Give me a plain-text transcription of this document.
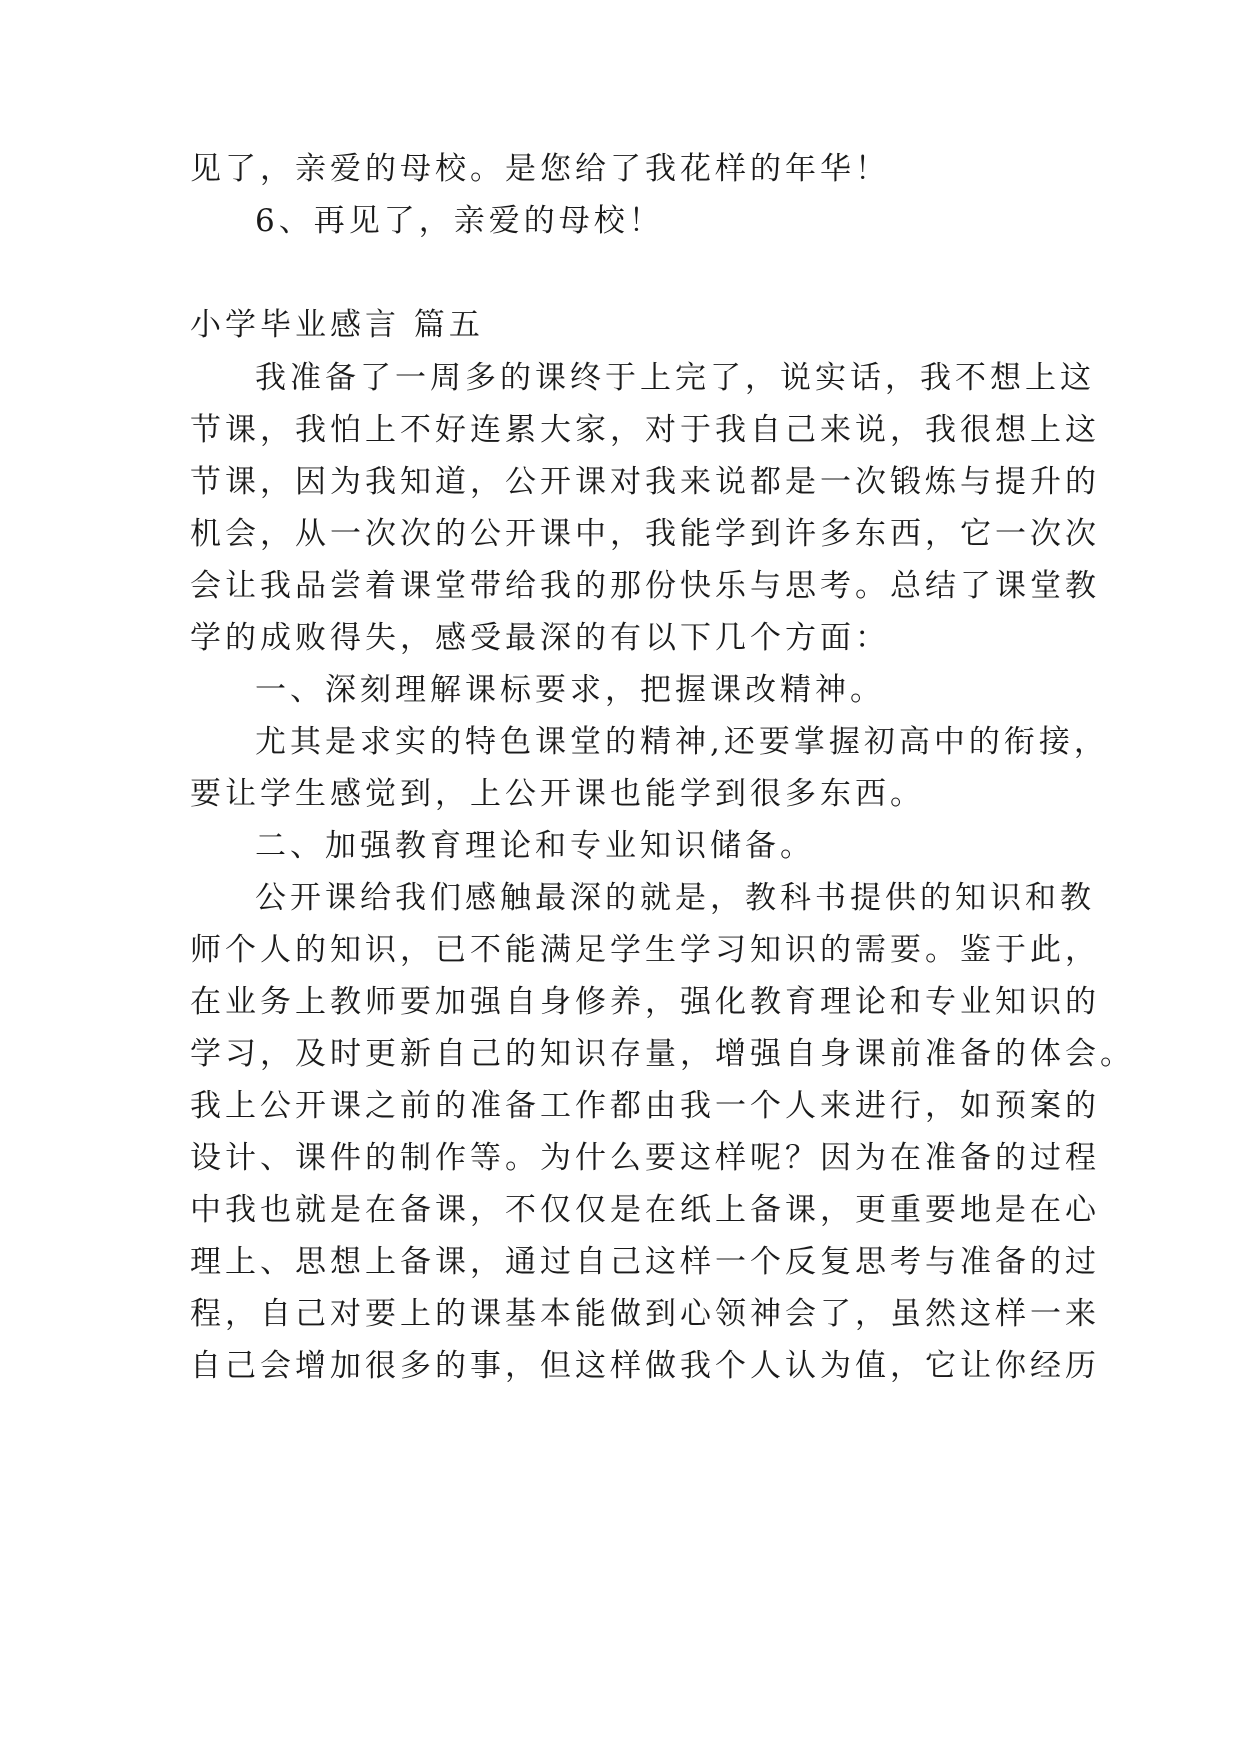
见了，亲爱的母校。是您给了我花样的年华！
6、再见了，亲爱的母校！
小学毕业感言 篇五
我准备了一周多的课终于上完了，说实话，我不想上这
节课，我怕上不好连累大家，对于我自己来说，我很想上这
节课，因为我知道，公开课对我来说都是一次锻炼与提升的
机会，从一次次的公开课中，我能学到许多东西，它一次次
会让我品尝着课堂带给我的那份快乐与思考。总结了课堂教
学的成败得失，感受最深的有以下几个方面：
一、深刻理解课标要求，把握课改精神。
尤其是求实的特色课堂的精神,还要掌握初高中的衔接，
要让学生感觉到，上公开课也能学到很多东西。
二、加强教育理论和专业知识储备。
公开课给我们感触最深的就是，教科书提供的知识和教
师个人的知识，已不能满足学生学习知识的需要。鉴于此，
在业务上教师要加强自身修养，强化教育理论和专业知识的
学习，及时更新自己的知识存量，增强自身课前准备的体会。
我上公开课之前的准备工作都由我一个人来进行，如预案的
设计、课件的制作等。为什么要这样呢？因为在准备的过程
中我也就是在备课，不仅仅是在纸上备课，更重要地是在心
理上、思想上备课，通过自己这样一个反复思考与准备的过
程，自己对要上的课基本能做到心领神会了，虽然这样一来
自己会增加很多的事，但这样做我个人认为值，它让你经历
